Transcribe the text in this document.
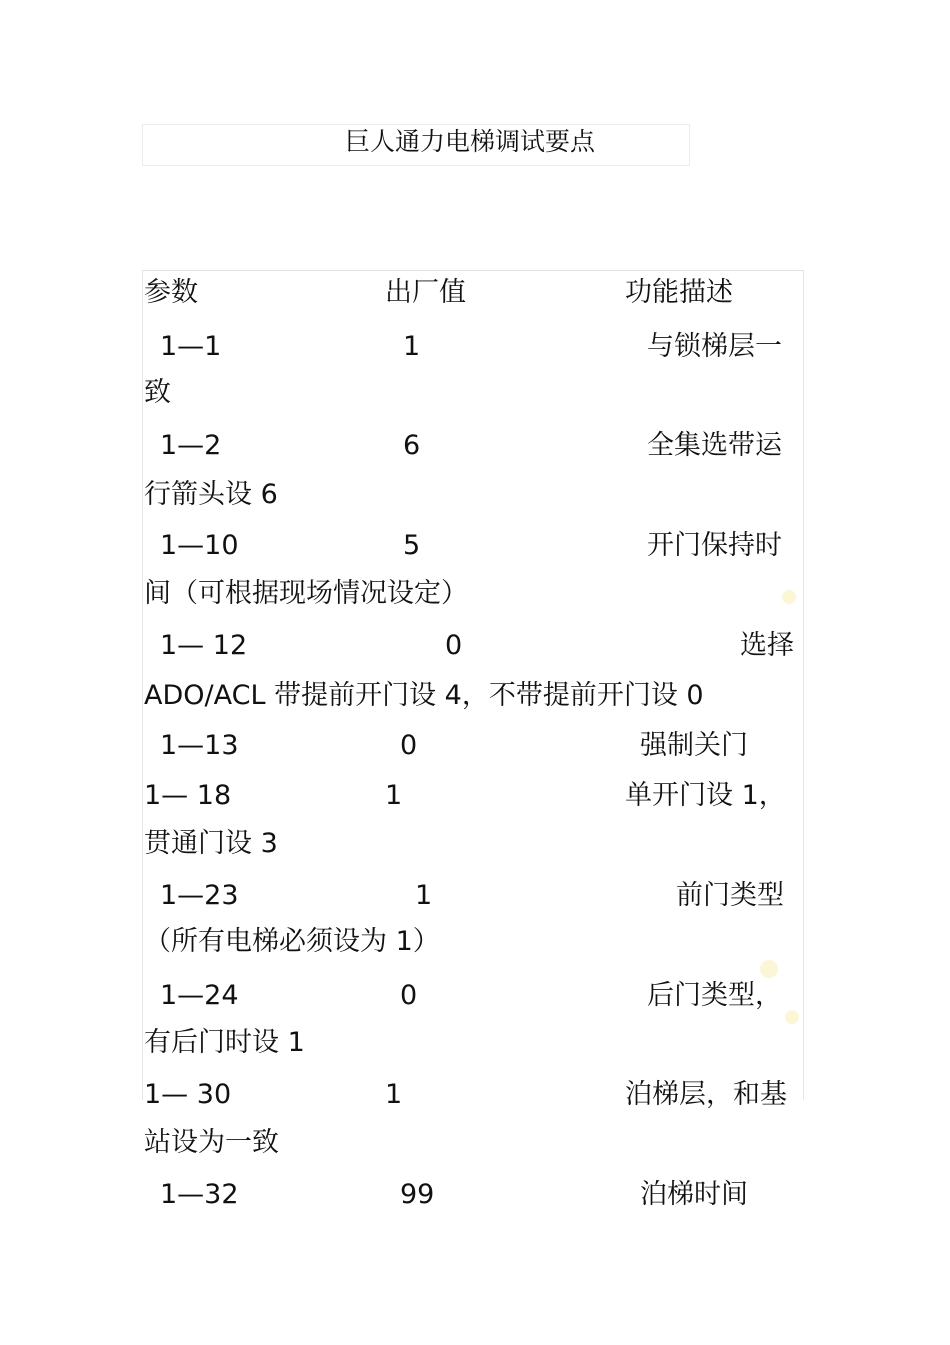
巨人通力电梯调试要点
参数	出厂值	功能描述
1—1	1	与锁梯层一
致
1—2	6	全集选带运
行箭头设 6
1—10	5	开门保持时
间（可根据现场情况设定）
1— 12	0	选择
ADO/ACL 带提前开门设 4，不带提前开门设 0
1—13	0	强制关门
1— 18	1	单开门设 1，
贯通门设 3
1—23	1	前门类型
（所有电梯必须设为 1）
1—24	0	后门类型，
有后门时设 1
1— 30	1	泊梯层，和基
站设为一致
1—32	99	泊梯时间
